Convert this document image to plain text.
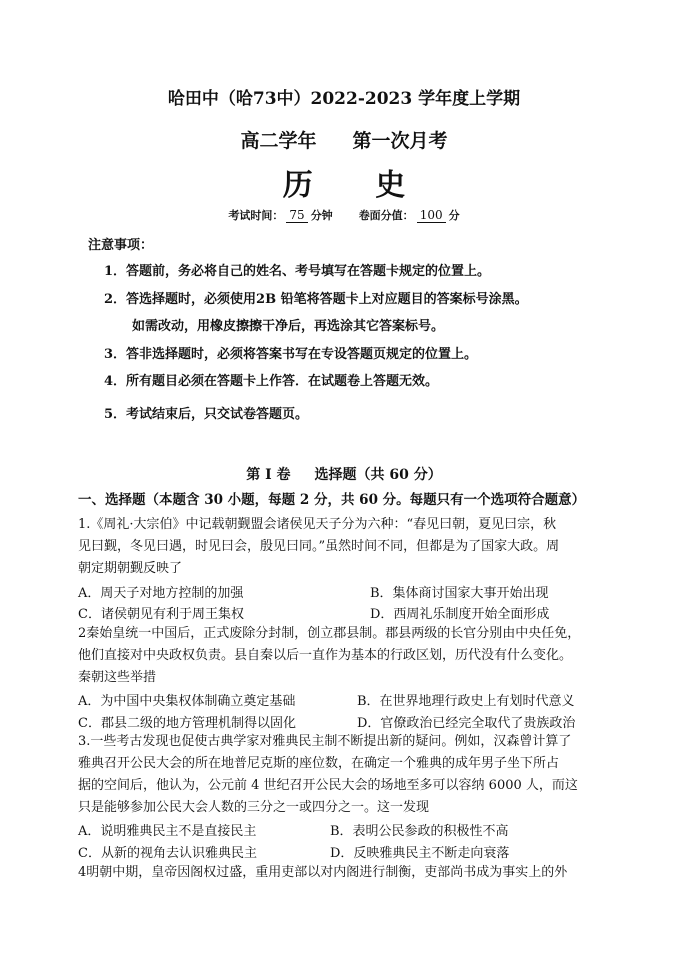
哈田中（哈73中）2022-2023 学年度上学期
高二学年 第一次月考
历 史
考试时间： 75 分钟 卷面分值： 100 分
注意事项：
1．答题前，务必将自己的姓名、考号填写在答题卡规定的位置上。
2．答选择题时，必须使用2B 铅笔将答题卡上对应题目的答案标号涂黑。
如需改动，用橡皮擦擦干净后，再选涂其它答案标号。
3．答非选择题时，必须将答案书写在专设答题页规定的位置上。
4．所有题目必须在答题卡上作答．在试题卷上答题无效。
5．考试结束后，只交试卷答题页。
第 I 卷 选择题（共 60 分）
一、选择题（本题含 30 小题，每题 2 分，共 60 分。每题只有一个选项符合题意）
1.《周礼·大宗伯》中记载朝觐盟会诸侯见天子分为六种：“春见曰朝，夏见曰宗，秋
见曰觐，冬见曰遇，时见曰会，殷见曰同。”虽然时间不同，但都是为了国家大政。周
朝定期朝觐反映了
A．周天子对地方控制的加强	B．集体商讨国家大事开始出现
C．诸侯朝见有利于周王集权	D．西周礼乐制度开始全面形成
2秦始皇统一中国后，正式废除分封制，创立郡县制。郡县两级的长官分别由中央任免，
他们直接对中央政权负责。县自秦以后一直作为基本的行政区划，历代没有什么变化。
秦朝这些举措
A．为中国中央集权体制确立奠定基础	B．在世界地理行政史上有划时代意义
C．郡县二级的地方管理机制得以固化	D．官僚政治已经完全取代了贵族政治
3.一些考古发现也促使古典学家对雅典民主制不断提出新的疑问。例如，汉森曾计算了
雅典召开公民大会的所在地普尼克斯的座位数，在确定一个雅典的成年男子坐下所占
据的空间后，他认为，公元前 4 世纪召开公民大会的场地至多可以容纳 6000 人，而这
只是能够参加公民大会人数的三分之一或四分之一。这一发现
A．说明雅典民主不是直接民主	B．表明公民参政的积极性不高
C．从新的视角去认识雅典民主	D．反映雅典民主不断走向衰落
4明朝中期，皇帝因阁权过盛，重用吏部以对内阁进行制衡，吏部尚书成为事实上的外
